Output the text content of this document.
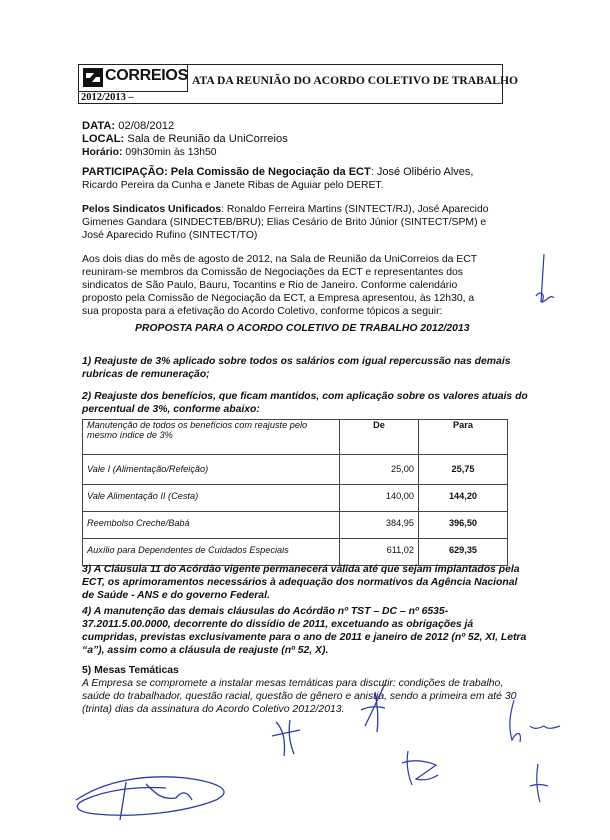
CORREIOS ATA DA REUNIÃO DO ACORDO COLETIVO DE TRABALHO
2012/2013 –
DATA: 02/08/2012
LOCAL: Sala de Reunião da UniCorreios
Horário: 09h30min às 13h50
PARTICIPAÇÃO: Pela Comissão de Negociação da ECT: José Olibério Alves,
Ricardo Pereira da Cunha e Janete Ribas de Aguiar pelo DERET.
Pelos Sindicatos Unificados: Ronaldo Ferreira Martins (SINTECT/RJ), José Aparecido
Gimenes Gandara (SINDECTEB/BRU); Elias Cesário de Brito Júnior (SINTECT/SPM) e
José Aparecido Rufino (SINTECT/TO)
Aos dois dias do mês de agosto de 2012, na Sala de Reunião da UniCorreios da ECT
reuniram-se membros da Comissão de Negociações da ECT e representantes dos
sindicatos de São Paulo, Bauru, Tocantins e Rio de Janeiro. Conforme calendário
proposto pela Comissão de Negociação da ECT, a Empresa apresentou, às 12h30, a
sua proposta para a efetivação do Acordo Coletivo, conforme tópicos a seguir:
PROPOSTA PARA O ACORDO COLETIVO DE TRABALHO 2012/2013
1) Reajuste de 3% aplicado sobre todos os salários com igual repercussão nas demais
rubricas de remuneração;
2) Reajuste dos benefícios, que ficam mantidos, com aplicação sobre os valores atuais do
percentual de 3%, conforme abaixo:
Manutenção de todos os benefícios com reajuste pelo
mesmo índice de 3%	De	Para
Vale I (Alimentação/Refeição)	25,00	25,75
Vale Alimentação II (Cesta)	140,00	144,20
Reembolso Creche/Babá	384,95	396,50
Auxílio para Dependentes de Cuidados Especiais	611,02	629,35
3) A Cláusula 11 do Acórdão vigente permanecerá válida até que sejam implantados pela
ECT, os aprimoramentos necessários à adequação dos normativos da Agência Nacional
de Saúde - ANS e do governo Federal.
4) A manutenção das demais cláusulas do Acórdão nº TST – DC – nº 6535-
37.2011.5.00.0000, decorrente do dissídio de 2011, excetuando as obrigações já
cumpridas, previstas exclusivamente para o ano de 2011 e janeiro de 2012 (nº 52, XI, Letra
“a”), assim como a cláusula de reajuste (nº 52, X).
5) Mesas Temáticas
A Empresa se compromete a instalar mesas temáticas para discutir: condições de trabalho,
saúde do trabalhador, questão racial, questão de gênero e anistia, sendo a primeira em até 30
(trinta) dias da assinatura do Acordo Coletivo 2012/2013.
